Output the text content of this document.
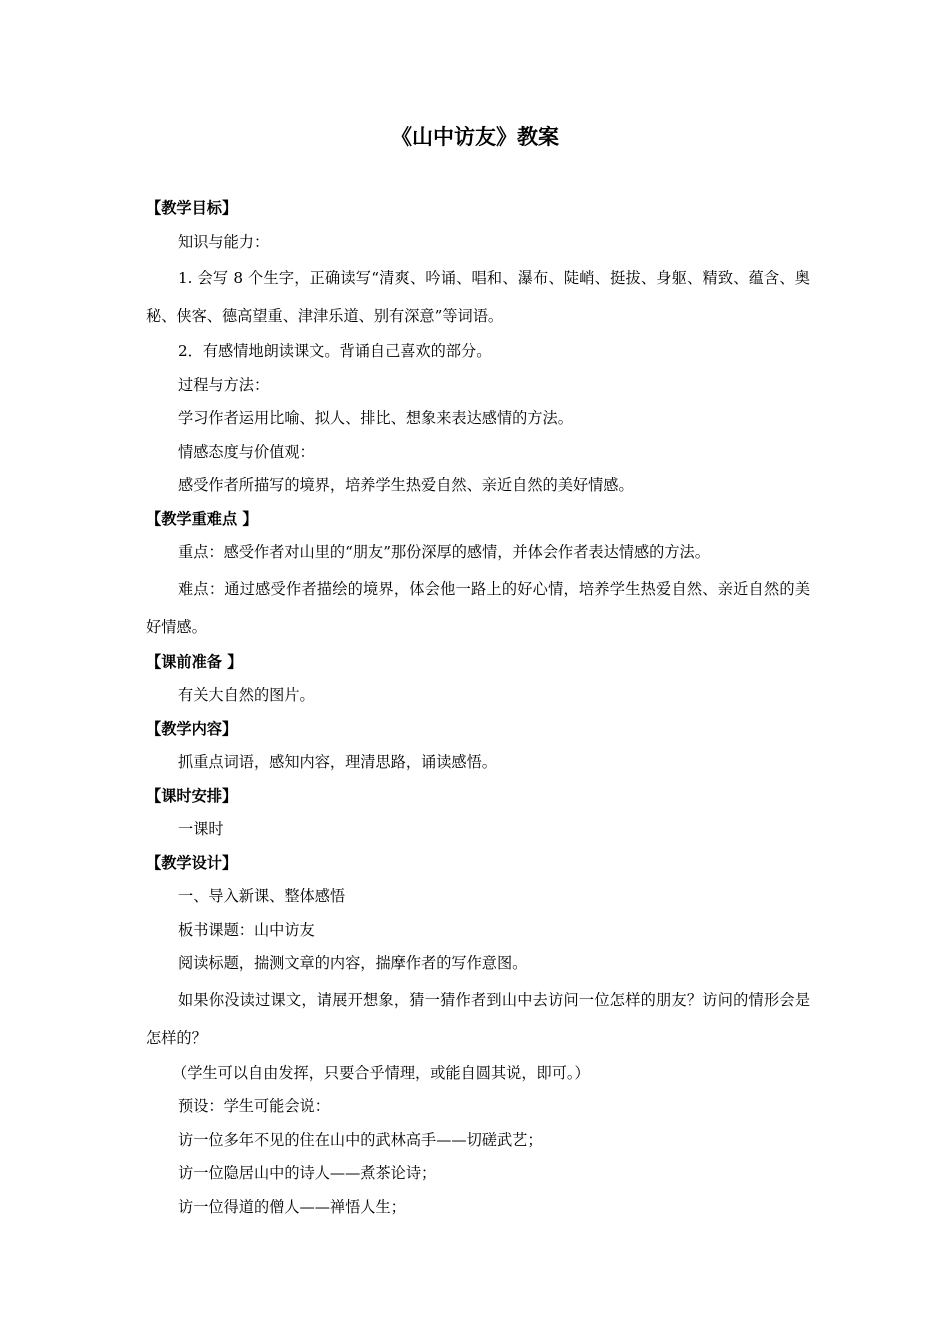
《山中访友》教案
【教学目标】
知识与能力：
1. 会写 8 个生字，正确读写“清爽、吟诵、唱和、瀑布、陡峭、挺拔、身躯、精致、蕴含、奥秘、侠客、德高望重、津津乐道、别有深意”等词语。
2．有感情地朗读课文。背诵自己喜欢的部分。
过程与方法：
学习作者运用比喻、拟人、排比、想象来表达感情的方法。
情感态度与价值观：
感受作者所描写的境界，培养学生热爱自然、亲近自然的美好情感。
【教学重难点 】
重点：感受作者对山里的“朋友”那份深厚的感情，并体会作者表达情感的方法。
难点：通过感受作者描绘的境界，体会他一路上的好心情，培养学生热爱自然、亲近自然的美好情感。
【课前准备 】
有关大自然的图片。
【教学内容】
抓重点词语，感知内容，理清思路，诵读感悟。
【课时安排】
一课时
【教学设计】
一、导入新课、整体感悟
板书课题：山中访友
阅读标题，揣测文章的内容，揣摩作者的写作意图。
如果你没读过课文，请展开想象，猜一猜作者到山中去访问一位怎样的朋友？访问的情形会是怎样的？
（学生可以自由发挥，只要合乎情理，或能自圆其说，即可。）
预设：学生可能会说：
访一位多年不见的住在山中的武林高手——切磋武艺；
访一位隐居山中的诗人——煮茶论诗；
访一位得道的僧人——禅悟人生；
